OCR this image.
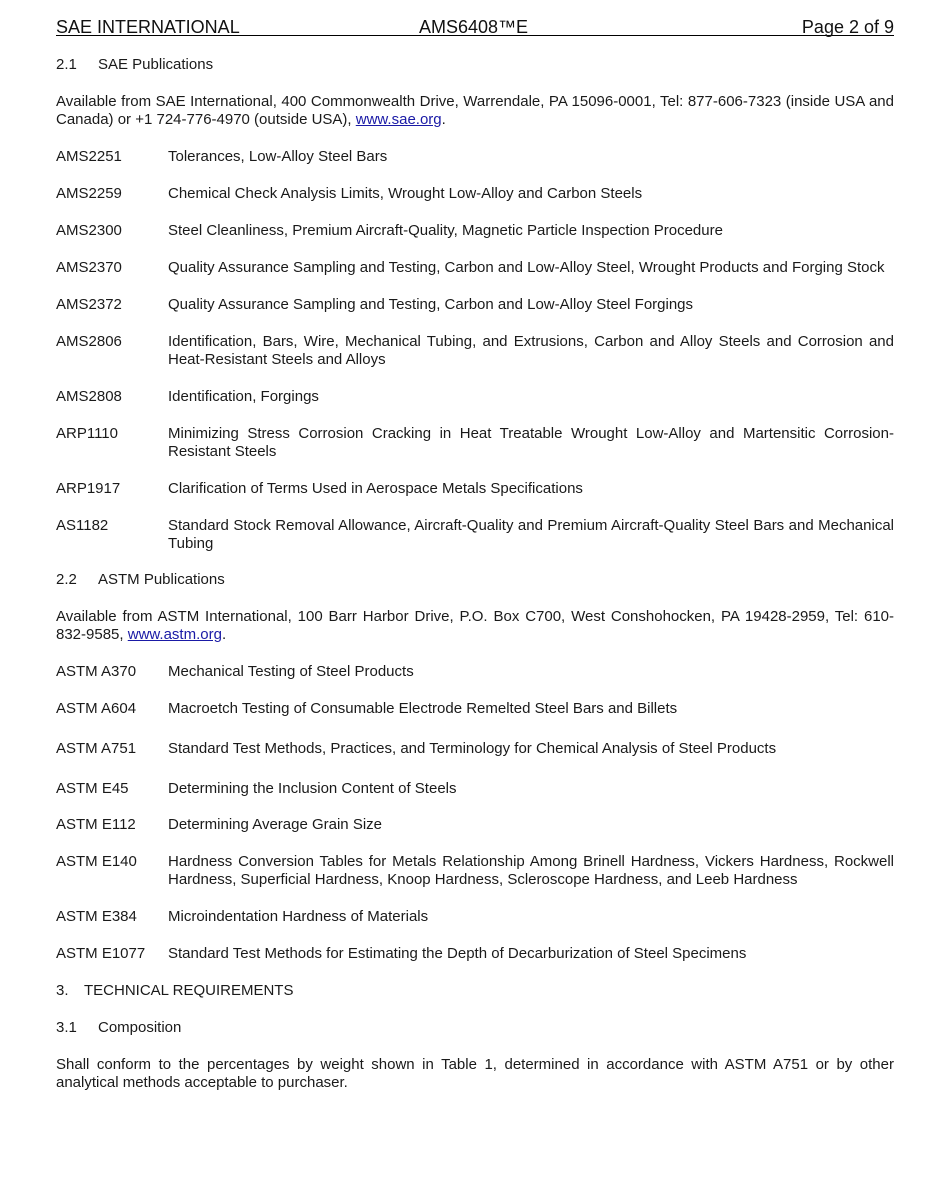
SAE INTERNATIONAL	AMS6408™E	Page 2 of 9

2.1 SAE Publications

Available from SAE International, 400 Commonwealth Drive, Warrendale, PA 15096-0001, Tel: 877-606-7323 (inside USA and Canada) or +1 724-776-4970 (outside USA), www.sae.org.

AMS2251	Tolerances, Low-Alloy Steel Bars
AMS2259	Chemical Check Analysis Limits, Wrought Low-Alloy and Carbon Steels
AMS2300	Steel Cleanliness, Premium Aircraft-Quality, Magnetic Particle Inspection Procedure
AMS2370	Quality Assurance Sampling and Testing, Carbon and Low-Alloy Steel, Wrought Products and Forging Stock
AMS2372	Quality Assurance Sampling and Testing, Carbon and Low-Alloy Steel Forgings
AMS2806	Identification, Bars, Wire, Mechanical Tubing, and Extrusions, Carbon and Alloy Steels and Corrosion and Heat-Resistant Steels and Alloys
AMS2808	Identification, Forgings
ARP1110	Minimizing Stress Corrosion Cracking in Heat Treatable Wrought Low-Alloy and Martensitic Corrosion-Resistant Steels
ARP1917	Clarification of Terms Used in Aerospace Metals Specifications
AS1182	Standard Stock Removal Allowance, Aircraft-Quality and Premium Aircraft-Quality Steel Bars and Mechanical Tubing

2.2 ASTM Publications

Available from ASTM International, 100 Barr Harbor Drive, P.O. Box C700, West Conshohocken, PA 19428-2959, Tel: 610-832-9585, www.astm.org.

ASTM A370	Mechanical Testing of Steel Products
ASTM A604	Macroetch Testing of Consumable Electrode Remelted Steel Bars and Billets
ASTM A751	Standard Test Methods, Practices, and Terminology for Chemical Analysis of Steel Products
ASTM E45	Determining the Inclusion Content of Steels
ASTM E112	Determining Average Grain Size
ASTM E140	Hardness Conversion Tables for Metals Relationship Among Brinell Hardness, Vickers Hardness, Rockwell Hardness, Superficial Hardness, Knoop Hardness, Scleroscope Hardness, and Leeb Hardness
ASTM E384	Microindentation Hardness of Materials
ASTM E1077	Standard Test Methods for Estimating the Depth of Decarburization of Steel Specimens

3. TECHNICAL REQUIREMENTS

3.1 Composition

Shall conform to the percentages by weight shown in Table 1, determined in accordance with ASTM A751 or by other analytical methods acceptable to purchaser.
